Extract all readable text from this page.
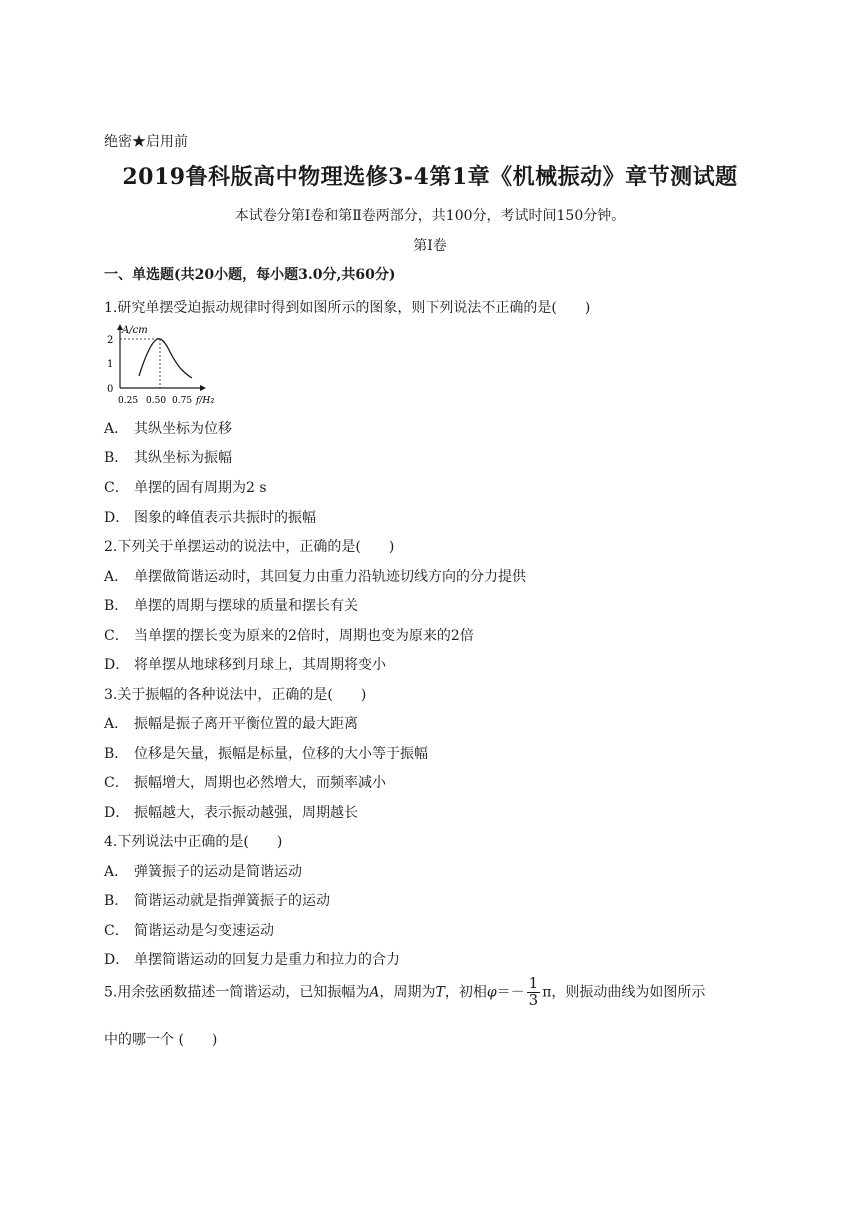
绝密★启用前
2019鲁科版高中物理选修3-4第1章《机械振动》章节测试题
本试卷分第Ⅰ卷和第Ⅱ卷两部分，共100分，考试时间150分钟。
第Ⅰ卷
一、单选题(共20小题，每小题3.0分,共60分)
1.研究单摆受迫振动规律时得到如图所示的图象，则下列说法不正确的是(　　)
A/cm
2
1
0
0.25 0.50 0.75 f/Hz
A． 其纵坐标为位移
B． 其纵坐标为振幅
C． 单摆的固有周期为2 s
D． 图象的峰值表示共振时的振幅
2.下列关于单摆运动的说法中，正确的是(　　)
A． 单摆做简谐运动时，其回复力由重力沿轨迹切线方向的分力提供
B． 单摆的周期与摆球的质量和摆长有关
C． 当单摆的摆长变为原来的2倍时，周期也变为原来的2倍
D． 将单摆从地球移到月球上，其周期将变小
3.关于振幅的各种说法中，正确的是(　　)
A． 振幅是振子离开平衡位置的最大距离
B． 位移是矢量，振幅是标量，位移的大小等于振幅
C． 振幅增大，周期也必然增大，而频率减小
D． 振幅越大，表示振动越强，周期越长
4.下列说法中正确的是(　　)
A． 弹簧振子的运动是简谐运动
B． 简谐运动就是指弹簧振子的运动
C． 简谐运动是匀变速运动
D． 单摆简谐运动的回复力是重力和拉力的合力
5.用余弦函数描述一简谐运动，已知振幅为A，周期为T，初相$\varphi=- \frac{1}{3}$ π，则振动曲线为如图所示
中的哪一个 (　　)
